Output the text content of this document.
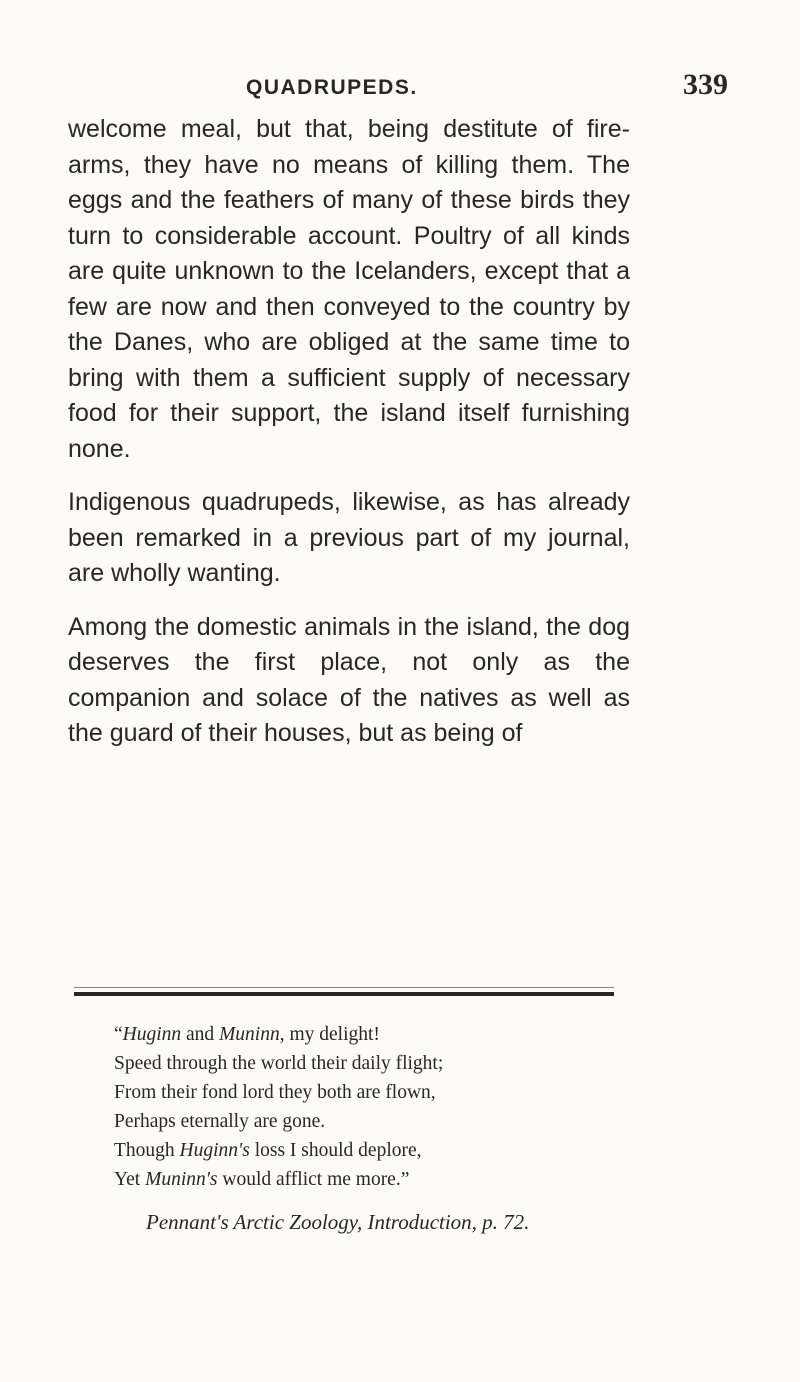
QUADRUPEDS.	339

welcome meal, but that, being destitute of fire-arms, they have no means of killing them. The eggs and the feathers of many of these birds they turn to considerable account. Poultry of all kinds are quite unknown to the Icelanders, except that a few are now and then conveyed to the country by the Danes, who are obliged at the same time to bring with them a sufficient supply of necessary food for their support, the island itself furnishing none.

Indigenous quadrupeds, likewise, as has already been remarked in a previous part of my journal, are wholly wanting.

Among the domestic animals in the island, the dog deserves the first place, not only as the companion and solace of the natives as well as the guard of their houses, but as being of

“Huginn and Muninn, my delight!
Speed through the world their daily flight;
From their fond lord they both are flown,
Perhaps eternally are gone.
Though Huginn's loss I should deplore,
Yet Muninn's would afflict me more.”
Pennant's Arctic Zoology, Introduction, p. 72.
